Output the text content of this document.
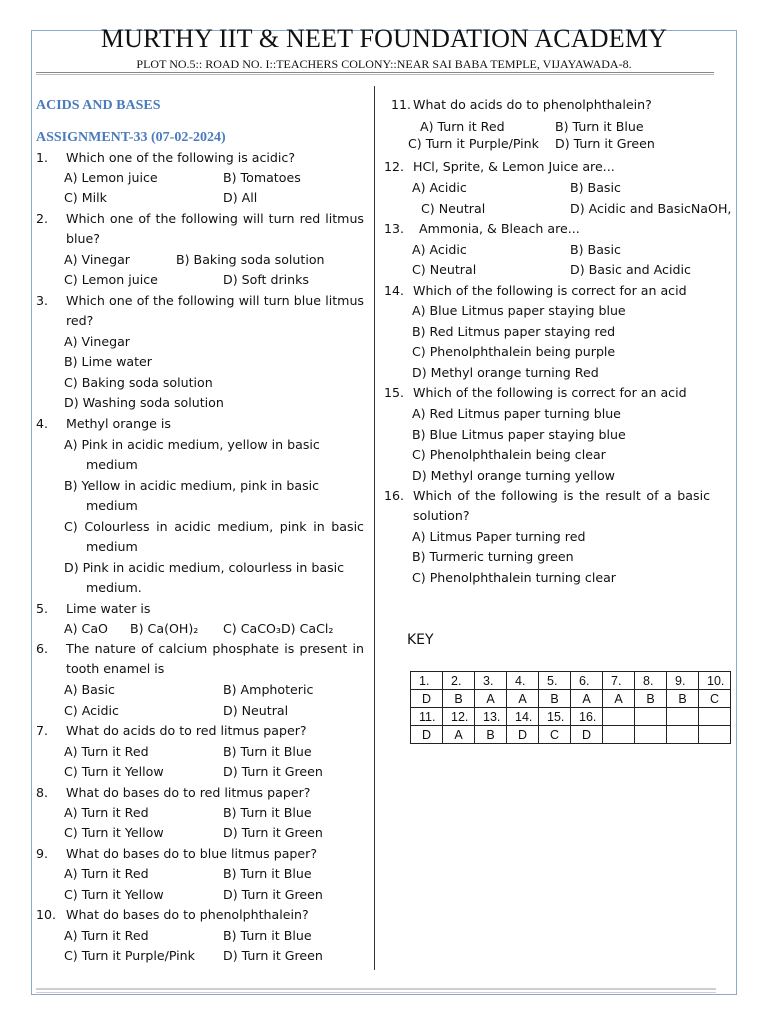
MURTHY IIT & NEET FOUNDATION ACADEMY
PLOT NO.5:: ROAD NO. I::TEACHERS COLONY::NEAR SAI BABA TEMPLE, VIJAYAWADA-8.
ACIDS AND BASES
ASSIGNMENT-33 (07-02-2024)
1. Which one of the following is acidic?
A) Lemon juice	B) Tomatoes
C) Milk	D) All
2. Which one of the following will turn red litmus
blue?
A) Vinegar	B) Baking soda solution
C) Lemon juice	D) Soft drinks
3. Which one of the following will turn blue litmus
red?
A) Vinegar
B) Lime water
C) Baking soda solution
D) Washing soda solution
4. Methyl orange is
A) Pink in acidic medium, yellow in basic
medium
B) Yellow in acidic medium, pink in basic
medium
C) Colourless in acidic medium, pink in basic
medium
D) Pink in acidic medium, colourless in basic
medium.
5. Lime water is
A) CaO B) Ca(OH)₂ C) CaCO₃D) CaCl₂
6. The nature of calcium phosphate is present in
tooth enamel is
A) Basic	B) Amphoteric
C) Acidic	D) Neutral
7. What do acids do to red litmus paper?
A) Turn it Red	B) Turn it Blue
C) Turn it Yellow	D) Turn it Green
8. What do bases do to red litmus paper?
A) Turn it Red	B) Turn it Blue
C) Turn it Yellow	D) Turn it Green
9. What do bases do to blue litmus paper?
A) Turn it Red	B) Turn it Blue
C) Turn it Yellow	D) Turn it Green
10. What do bases do to phenolphthalein?
A) Turn it Red	B) Turn it Blue
C) Turn it Purple/Pink D) Turn it Green
11. What do acids do to phenolphthalein?
A) Turn it Red	B) Turn it Blue
C) Turn it Purple/Pink D) Turn it Green
12. HCl, Sprite, & Lemon Juice are...
A) Acidic	B) Basic
C) Neutral	D) Acidic and BasicNaOH,
13. Ammonia, & Bleach are...
A) Acidic	B) Basic
C) Neutral	D) Basic and Acidic
14. Which of the following is correct for an acid
A) Blue Litmus paper staying blue
B) Red Litmus paper staying red
C) Phenolphthalein being purple
D) Methyl orange turning Red
15. Which of the following is correct for an acid
A) Red Litmus paper turning blue
B) Blue Litmus paper staying blue
C) Phenolphthalein being clear
D) Methyl orange turning yellow
16. Which of the following is the result of a basic
solution?
A) Litmus Paper turning red
B) Turmeric turning green
C) Phenolphthalein turning clear
KEY
1.	2.	3.	4.	5.	6.	7.	8.	9.	10.
D	B	A	A	B	A	A	B	B	C
11.	12.	13.	14.	15.	16.				
D	A	B	D	C	D				
